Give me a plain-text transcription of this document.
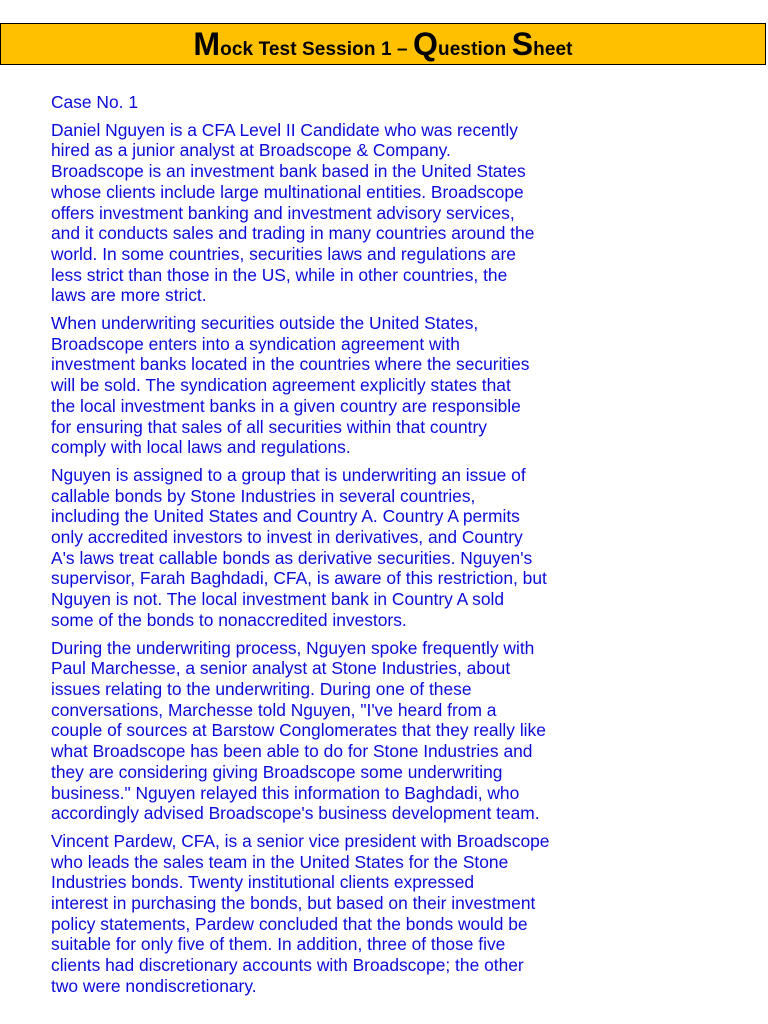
Mock Test Session 1 – Question Sheet
Case No. 1
Daniel Nguyen is a CFA Level II Candidate who was recently
hired as a junior analyst at Broadscope & Company.
Broadscope is an investment bank based in the United States
whose clients include large multinational entities. Broadscope
offers investment banking and investment advisory services,
and it conducts sales and trading in many countries around the
world. In some countries, securities laws and regulations are
less strict than those in the US, while in other countries, the
laws are more strict.
When underwriting securities outside the United States,
Broadscope enters into a syndication agreement with
investment banks located in the countries where the securities
will be sold. The syndication agreement explicitly states that
the local investment banks in a given country are responsible
for ensuring that sales of all securities within that country
comply with local laws and regulations.
Nguyen is assigned to a group that is underwriting an issue of
callable bonds by Stone Industries in several countries,
including the United States and Country A. Country A permits
only accredited investors to invest in derivatives, and Country
A's laws treat callable bonds as derivative securities. Nguyen's
supervisor, Farah Baghdadi, CFA, is aware of this restriction, but
Nguyen is not. The local investment bank in Country A sold
some of the bonds to nonaccredited investors.
During the underwriting process, Nguyen spoke frequently with
Paul Marchesse, a senior analyst at Stone Industries, about
issues relating to the underwriting. During one of these
conversations, Marchesse told Nguyen, "I've heard from a
couple of sources at Barstow Conglomerates that they really like
what Broadscope has been able to do for Stone Industries and
they are considering giving Broadscope some underwriting
business." Nguyen relayed this information to Baghdadi, who
accordingly advised Broadscope's business development team.
Vincent Pardew, CFA, is a senior vice president with Broadscope
who leads the sales team in the United States for the Stone
Industries bonds. Twenty institutional clients expressed
interest in purchasing the bonds, but based on their investment
policy statements, Pardew concluded that the bonds would be
suitable for only five of them. In addition, three of those five
clients had discretionary accounts with Broadscope; the other
two were nondiscretionary.
